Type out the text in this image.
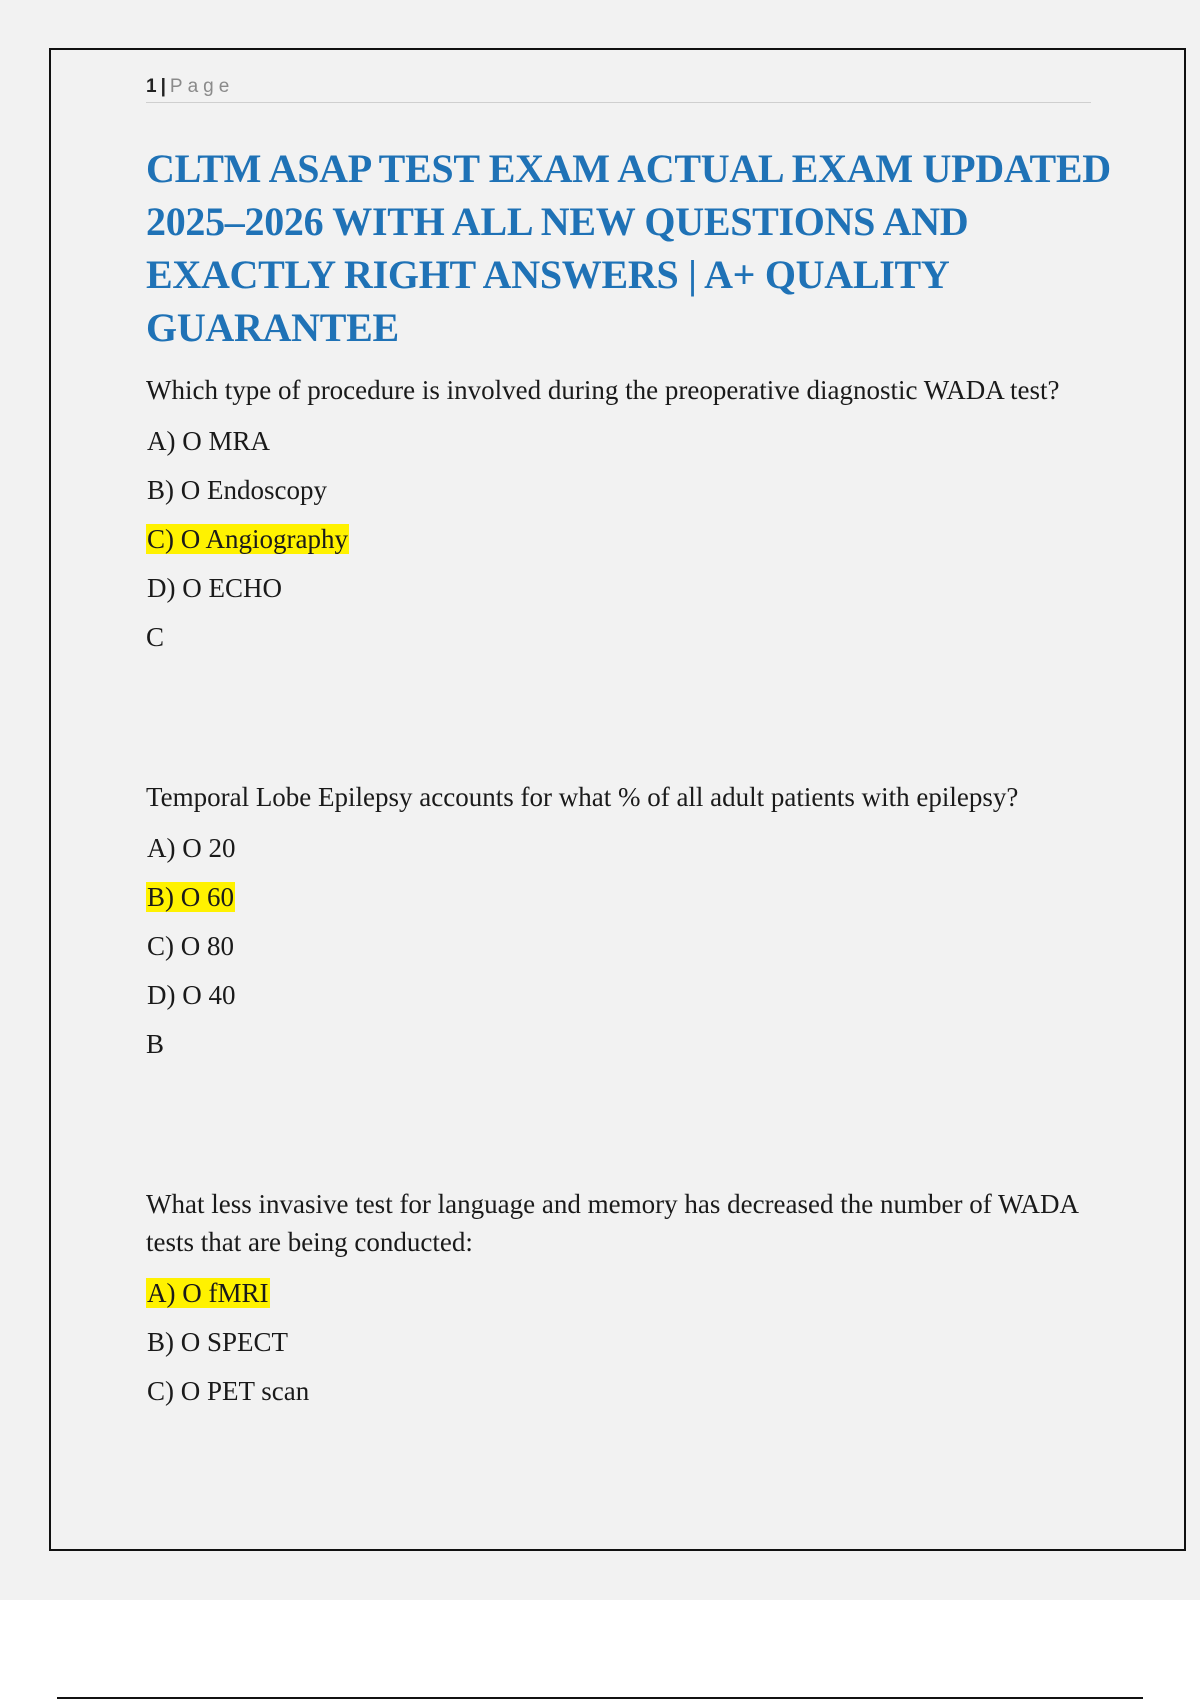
1 | Page
CLTM ASAP TEST EXAM ACTUAL EXAM UPDATED 2025–2026 WITH ALL NEW QUESTIONS AND EXACTLY RIGHT ANSWERS | A+ QUALITY GUARANTEE

Which type of procedure is involved during the preoperative diagnostic WADA test?

A) O MRA
B) O Endoscopy
C) O Angiography
D) O ECHO
C

Temporal Lobe Epilepsy accounts for what % of all adult patients with epilepsy?

A) O 20
B) O 60
C) O 80
D) O 40
B

What less invasive test for language and memory has decreased the number of WADA tests that are being conducted:

A) O fMRI
B) O SPECT
C) O PET scan
